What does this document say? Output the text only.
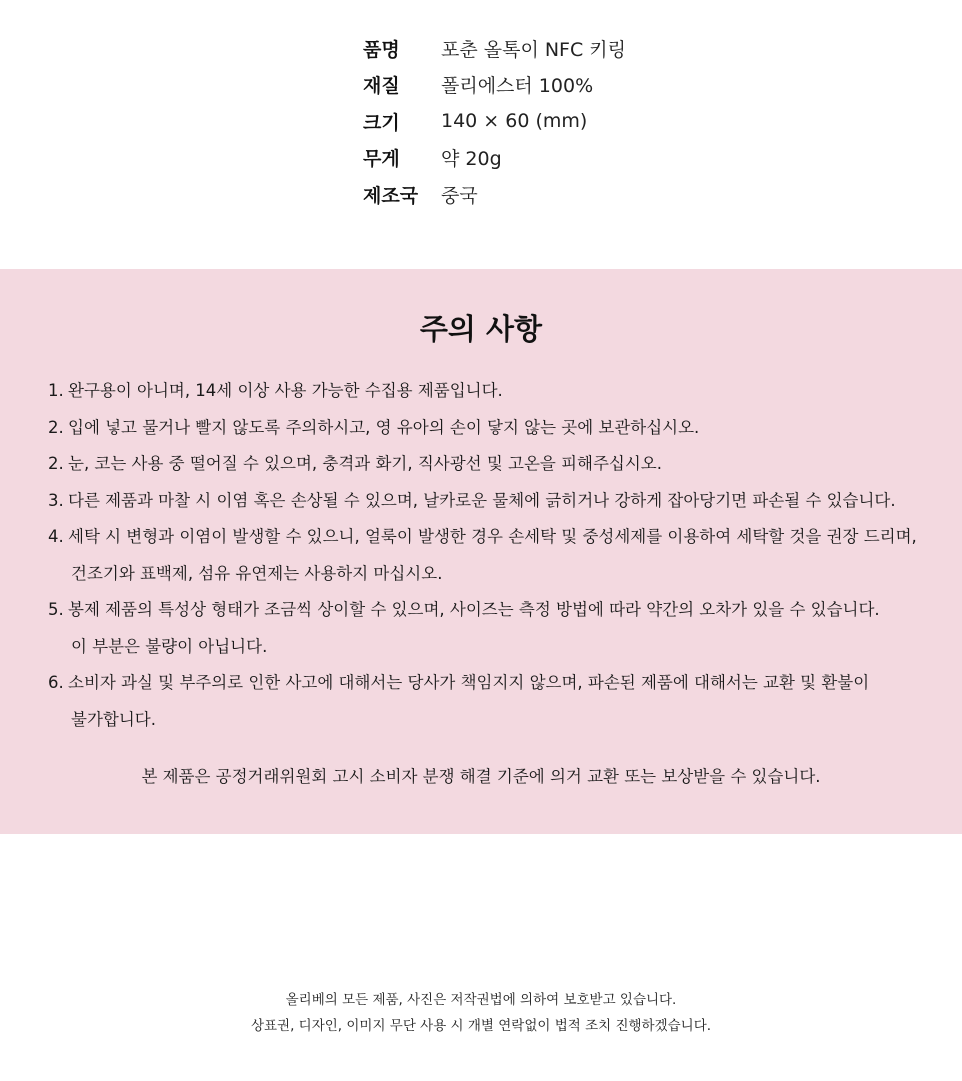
품명	포춘 올톡이 NFC 키링
재질	폴리에스터 100%
크기	140 × 60 (mm)
무게	약 20g
제조국	중국
주의 사항
1. 완구용이 아니며, 14세 이상 사용 가능한 수집용 제품입니다.
2. 입에 넣고 물거나 빨지 않도록 주의하시고, 영 유아의 손이 닿지 않는 곳에 보관하십시오.
2. 눈, 코는 사용 중 떨어질 수 있으며, 충격과 화기, 직사광선 및 고온을 피해주십시오.
3. 다른 제품과 마찰 시 이염 혹은 손상될 수 있으며, 날카로운 물체에 긁히거나 강하게 잡아당기면 파손될 수 있습니다.
4. 세탁 시 변형과 이염이 발생할 수 있으니, 얼룩이 발생한 경우 손세탁 및 중성세제를 이용하여 세탁할 것을 권장 드리며,
건조기와 표백제, 섬유 유연제는 사용하지 마십시오.
5. 봉제 제품의 특성상 형태가 조금씩 상이할 수 있으며, 사이즈는 측정 방법에 따라 약간의 오차가 있을 수 있습니다.
이 부분은 불량이 아닙니다.
6. 소비자 과실 및 부주의로 인한 사고에 대해서는 당사가 책임지지 않으며, 파손된 제품에 대해서는 교환 및 환불이
불가합니다.

본 제품은 공정거래위원회 고시 소비자 분쟁 해결 기준에 의거 교환 또는 보상받을 수 있습니다.

올리베의 모든 제품, 사진은 저작권법에 의하여 보호받고 있습니다.
상표권, 디자인, 이미지 무단 사용 시 개별 연락없이 법적 조치 진행하겠습니다.
